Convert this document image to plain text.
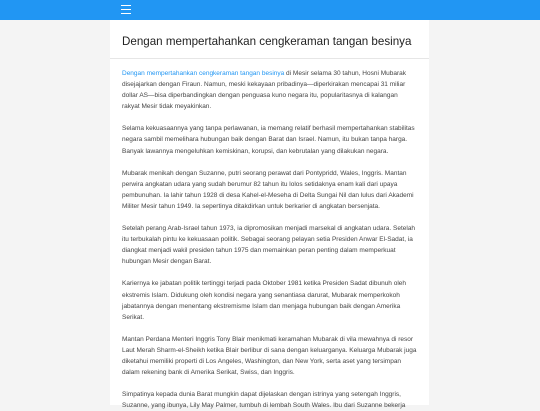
Dengan mempertahankan cengkeraman tangan besinya

Dengan mempertahankan cengkeraman tangan besinya di Mesir selama 30 tahun, Hosni Mubarak disejajarkan dengan Firaun. Namun, meski kekayaan pribadinya—diperkirakan mencapai 31 miliar dollar AS—bisa diperbandingkan dengan penguasa kuno negara itu, popularitasnya di kalangan rakyat Mesir tidak meyakinkan.

Selama kekuasaannya yang tanpa perlawanan, ia memang relatif berhasil mempertahankan stabilitas negara sambil memelihara hubungan baik dengan Barat dan Israel. Namun, itu bukan tanpa harga. Banyak lawannya mengeluhkan kemiskinan, korupsi, dan kebrutalan yang dilakukan negara.

Mubarak menikah dengan Suzanne, putri seorang perawat dari Pontypridd, Wales, Inggris. Mantan perwira angkatan udara yang sudah berumur 82 tahun itu lolos setidaknya enam kali dari upaya pembunuhan. Ia lahir tahun 1928 di desa Kahel-el-Meseha di Delta Sungai Nil dan lulus dari Akademi Militer Mesir tahun 1949. Ia sepertinya ditakdirkan untuk berkarier di angkatan bersenjata.

Setelah perang Arab-Israel tahun 1973, ia dipromosikan menjadi marsekal di angkatan udara. Setelah itu terbukalah pintu ke kekuasaan politik. Sebagai seorang pelayan setia Presiden Anwar El-Sadat, ia diangkat menjadi wakil presiden tahun 1975 dan memainkan peran penting dalam memperkuat hubungan Mesir dengan Barat.

Kariernya ke jabatan politik tertinggi terjadi pada Oktober 1981 ketika Presiden Sadat dibunuh oleh ekstremis Islam. Didukung oleh kondisi negara yang senantiasa darurat, Mubarak memperkokoh jabatannya dengan menentang ekstremisme Islam dan menjaga hubungan baik dengan Amerika Serikat.

Mantan Perdana Menteri Inggris Tony Blair menikmati keramahan Mubarak di vila mewahnya di resor Laut Merah Sharm-el-Sheikh ketika Blair berlibur di sana dengan keluarganya. Keluarga Mubarak juga diketahui memiliki properti di Los Angeles, Washington, dan New York, serta aset yang tersimpan dalam rekening bank di Amerika Serikat, Swiss, dan Inggris.

Simpatinya kepada dunia Barat mungkin dapat dijelaskan dengan istrinya yang setengah Inggris, Suzanne, yang ibunya, Lily May Palmer, tumbuh di lembah South Wales. Ibu dari Suzanne bekerja
